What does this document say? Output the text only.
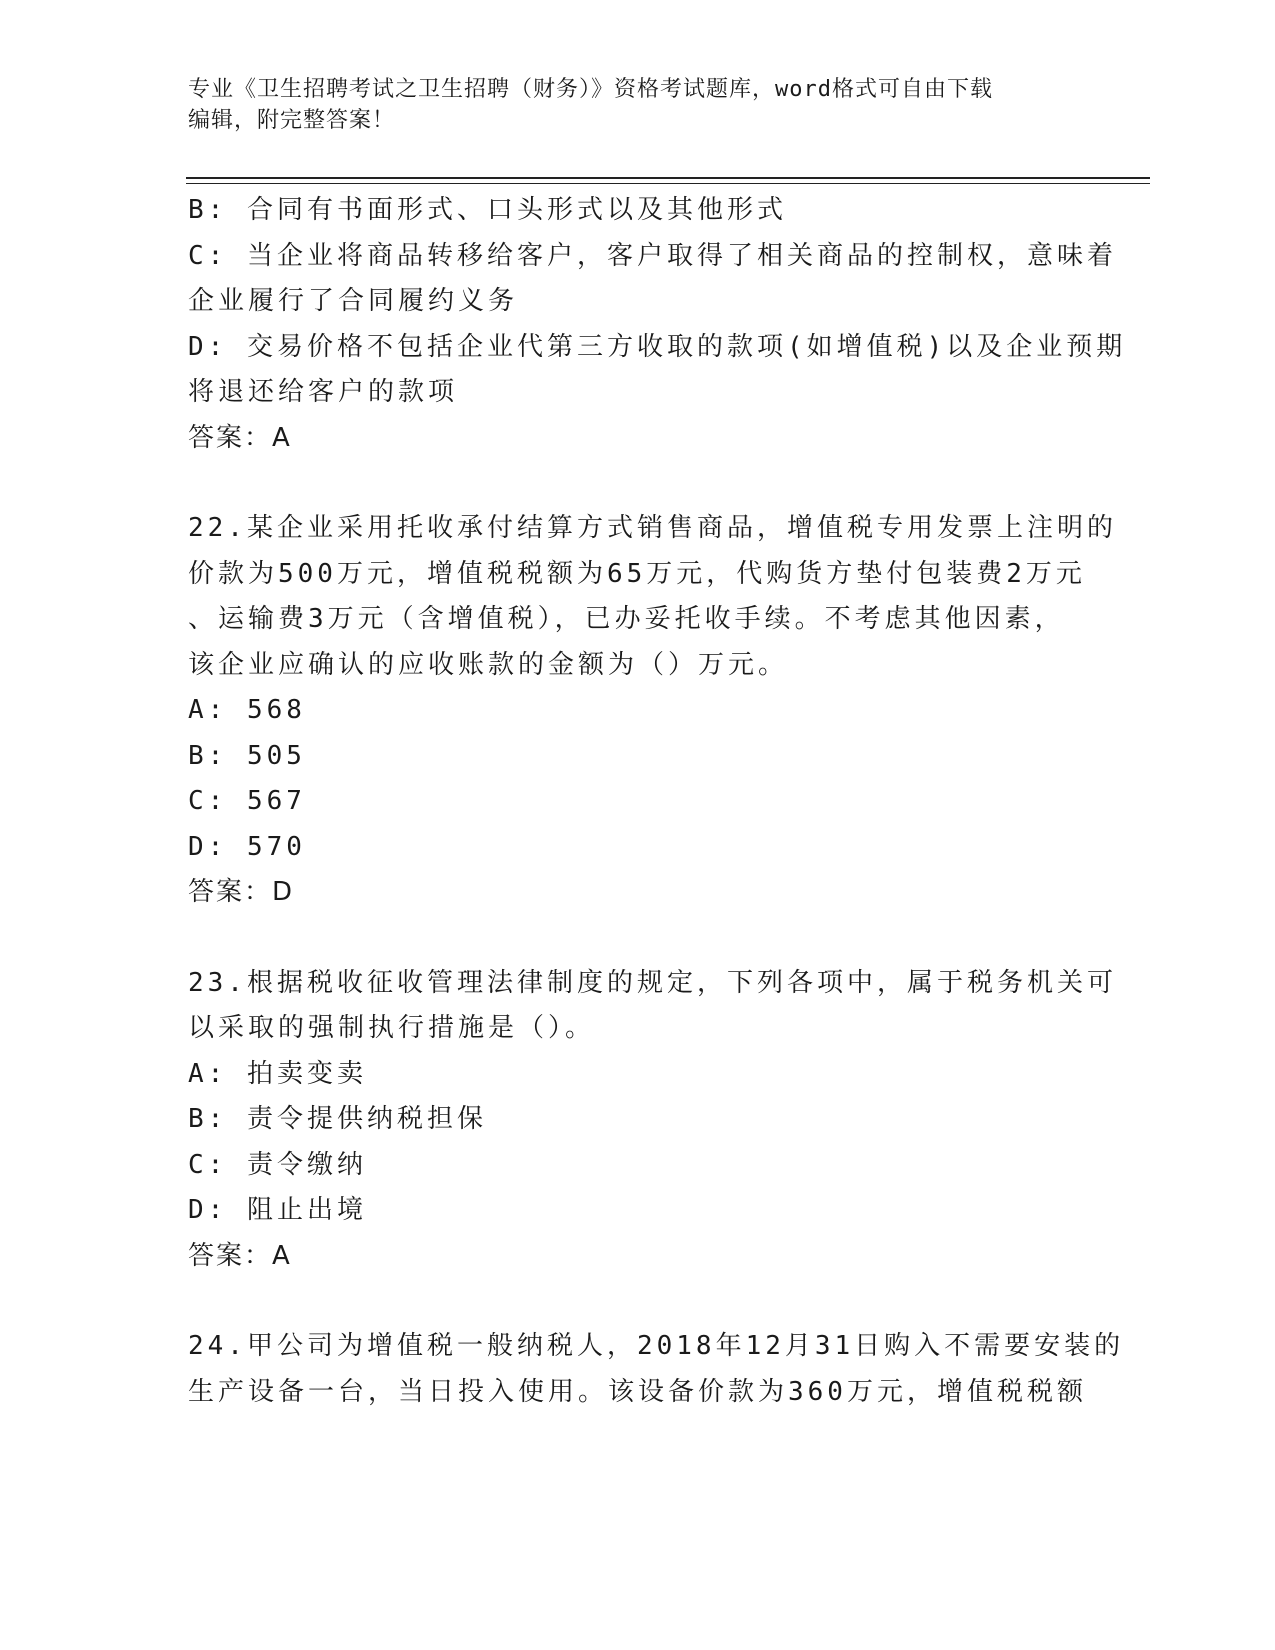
专业《卫生招聘考试之卫生招聘（财务）》资格考试题库，word格式可自由下载

编辑，附完整答案！

B: 合同有书面形式、口头形式以及其他形式

C: 当企业将商品转移给客户，客户取得了相关商品的控制权，意味着

企业履行了合同履约义务

D: 交易价格不包括企业代第三方收取的款项(如增值税)以及企业预期

将退还给客户的款项

答案：A

22.某企业采用托收承付结算方式销售商品，增值税专用发票上注明的

价款为500万元，增值税税额为65万元，代购货方垫付包装费2万元

、运输费3万元（含增值税），已办妥托收手续。不考虑其他因素，

该企业应确认的应收账款的金额为（）万元。

A: 568

B: 505

C: 567

D: 570

答案：D

23.根据税收征收管理法律制度的规定，下列各项中，属于税务机关可

以采取的强制执行措施是（）。

A: 拍卖变卖

B: 责令提供纳税担保

C: 责令缴纳

D: 阻止出境

答案：A

24.甲公司为增值税一般纳税人，2018年12月31日购入不需要安装的

生产设备一台，当日投入使用。该设备价款为360万元，增值税税额
